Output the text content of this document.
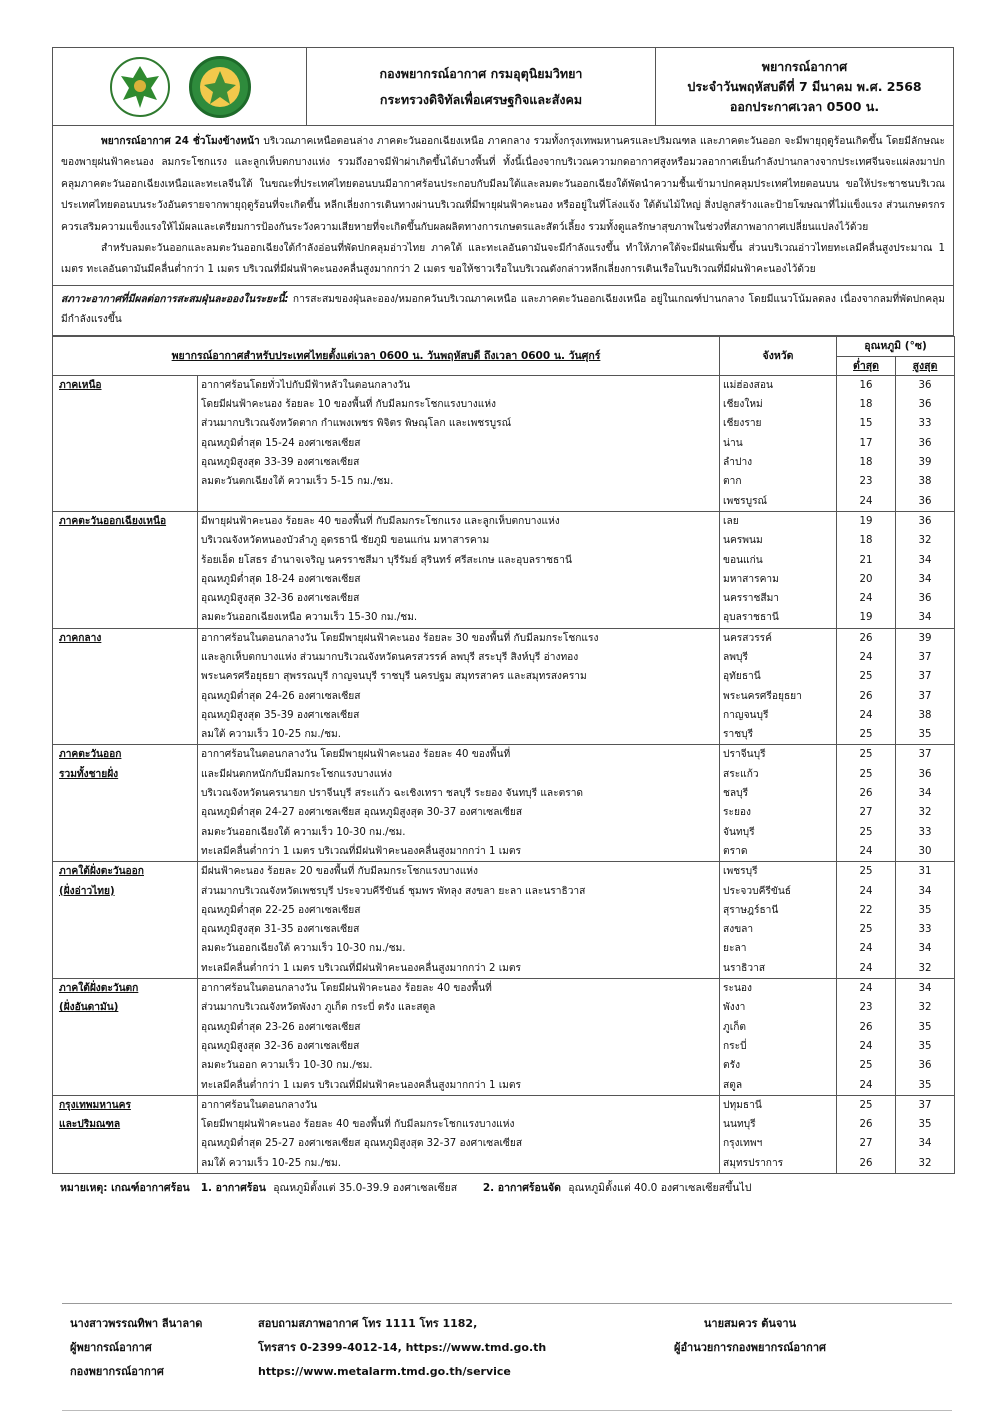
กองพยากรณ์อากาศ กรมอุตุนิยมวิทยา
กระทรวงดิจิทัลเพื่อเศรษฐกิจและสังคม
พยากรณ์อากาศ
ประจำวันพฤหัสบดีที่ 7 มีนาคม พ.ศ. 2568
ออกประกาศเวลา 0500 น.

พยากรณ์อากาศ 24 ชั่วโมงข้างหน้า บริเวณภาคเหนือตอนล่าง ภาคตะวันออกเฉียงเหนือ ภาคกลาง รวมทั้งกรุงเทพมหานครและปริมณฑล และภาคตะวันออก จะมีพายุฤดูร้อนเกิดขึ้น โดยมีลักษณะของพายุฝนฟ้าคะนอง ลมกระโชกแรง และลูกเห็บตกบางแห่ง รวมถึงอาจมีฟ้าผ่าเกิดขึ้นได้บางพื้นที่ ทั้งนี้เนื่องจากบริเวณความกดอากาศสูงหรือมวลอากาศเย็นกำลังปานกลางจากประเทศจีนจะแผ่ลงมาปกคลุมภาคตะวันออกเฉียงเหนือและทะเลจีนใต้ ในขณะที่ประเทศไทยตอนบนมีอากาศร้อนประกอบกับมีลมใต้และลมตะวันออกเฉียงใต้พัดนำความชื้นเข้ามาปกคลุมประเทศไทยตอนบน ขอให้ประชาชนบริเวณประเทศไทยตอนบนระวังอันตรายจากพายุฤดูร้อนที่จะเกิดขึ้น หลีกเลี่ยงการเดินทางผ่านบริเวณที่มีพายุฝนฟ้าคะนอง หรืออยู่ในที่โล่งแจ้ง ใต้ต้นไม้ใหญ่ สิ่งปลูกสร้างและป้ายโฆษณาที่ไม่แข็งแรง ส่วนเกษตรกรควรเสริมความแข็งแรงให้ไม้ผลและเตรียมการป้องกันระวังความเสียหายที่จะเกิดขึ้นกับผลผลิตทางการเกษตรและสัตว์เลี้ยง รวมทั้งดูแลรักษาสุขภาพในช่วงที่สภาพอากาศเปลี่ยนแปลงไว้ด้วย

สำหรับลมตะวันออกและลมตะวันออกเฉียงใต้กำลังอ่อนที่พัดปกคลุมอ่าวไทย ภาคใต้ และทะเลอันดามันจะมีกำลังแรงขึ้น ทำให้ภาคใต้จะมีฝนเพิ่มขึ้น ส่วนบริเวณอ่าวไทยทะเลมีคลื่นสูงประมาณ 1 เมตร ทะเลอันดามันมีคลื่นต่ำกว่า 1 เมตร บริเวณที่มีฝนฟ้าคะนองคลื่นสูงมากกว่า 2 เมตร ขอให้ชาวเรือในบริเวณดังกล่าวหลีกเลี่ยงการเดินเรือในบริเวณที่มีฝนฟ้าคะนองไว้ด้วย

สภาวะอากาศที่มีผลต่อการสะสมฝุ่นละอองในระยะนี้: การสะสมของฝุ่นละออง/หมอกควันบริเวณภาคเหนือ และภาคตะวันออกเฉียงเหนือ อยู่ในเกณฑ์ปานกลาง โดยมีแนวโน้มลดลง เนื่องจากลมที่พัดปกคลุมมีกำลังแรงขึ้น
พยากรณ์อากาศสำหรับประเทศไทยตั้งแต่เวลา 0600 น. วันพฤหัสบดี ถึงเวลา 0600 น. วันศุกร์		จังหวัด	อุณหภูมิ (°ซ)	
			ต่ำสุด	สูงสุด

ภาคเหนือ	อากาศร้อนโดยทั่วไปกับมีฟ้าหลัวในตอนกลางวัน	แม่ฮ่องสอน	16	36
	โดยมีฝนฟ้าคะนอง ร้อยละ 10 ของพื้นที่ กับมีลมกระโชกแรงบางแห่ง	เชียงใหม่	18	36
	ส่วนมากบริเวณจังหวัดตาก กำแพงเพชร พิจิตร พิษณุโลก และเพชรบูรณ์	เชียงราย	15	33
	อุณหภูมิต่ำสุด 15-24 องศาเซลเซียส	น่าน	17	36
	อุณหภูมิสูงสุด 33-39 องศาเซลเซียส	ลำปาง	18	39
	ลมตะวันตกเฉียงใต้ ความเร็ว 5-15 กม./ชม.	ตาก	23	38
		เพชรบูรณ์	24	36

ภาคตะวันออกเฉียงเหนือ	มีพายุฝนฟ้าคะนอง ร้อยละ 40 ของพื้นที่ กับมีลมกระโชกแรง และลูกเห็บตกบางแห่ง	เลย	19	36
	บริเวณจังหวัดหนองบัวลำภู อุดรธานี ชัยภูมิ ขอนแก่น มหาสารคาม	นครพนม	18	32
	ร้อยเอ็ด ยโสธร อำนาจเจริญ นครราชสีมา บุรีรัมย์ สุรินทร์ ศรีสะเกษ และอุบลราชธานี	ขอนแก่น	21	34
	อุณหภูมิต่ำสุด 18-24 องศาเซลเซียส	มหาสารคาม	20	34
	อุณหภูมิสูงสุด 32-36 องศาเซลเซียส	นครราชสีมา	24	36
	ลมตะวันออกเฉียงเหนือ ความเร็ว 15-30 กม./ชม.	อุบลราชธานี	19	34

ภาคกลาง	อากาศร้อนในตอนกลางวัน โดยมีพายุฝนฟ้าคะนอง ร้อยละ 30 ของพื้นที่ กับมีลมกระโชกแรง	นครสวรรค์	26	39
	และลูกเห็บตกบางแห่ง ส่วนมากบริเวณจังหวัดนครสวรรค์ ลพบุรี สระบุรี สิงห์บุรี อ่างทอง	ลพบุรี	24	37
	พระนครศรีอยุธยา สุพรรณบุรี กาญจนบุรี ราชบุรี นครปฐม สมุทรสาคร และสมุทรสงคราม	อุทัยธานี	25	37
	อุณหภูมิต่ำสุด 24-26 องศาเซลเซียส	พระนครศรีอยุธยา	26	37
	อุณหภูมิสูงสุด 35-39 องศาเซลเซียส	กาญจนบุรี	24	38
	ลมใต้ ความเร็ว 10-25 กม./ชม.	ราชบุรี	25	35

ภาคตะวันออก
รวมทั้งชายฝั่ง	อากาศร้อนในตอนกลางวัน โดยมีพายุฝนฟ้าคะนอง ร้อยละ 40 ของพื้นที่	ปราจีนบุรี	25	37
	และมีฝนตกหนักกับมีลมกระโชกแรงบางแห่ง	สระแก้ว	25	36
	บริเวณจังหวัดนครนายก ปราจีนบุรี สระแก้ว ฉะเชิงเทรา ชลบุรี ระยอง จันทบุรี และตราด	ชลบุรี	26	34
	อุณหภูมิต่ำสุด 24-27 องศาเซลเซียส อุณหภูมิสูงสุด 30-37 องศาเซลเซียส	ระยอง	27	32
	ลมตะวันออกเฉียงใต้ ความเร็ว 10-30 กม./ชม.	จันทบุรี	25	33
	ทะเลมีคลื่นต่ำกว่า 1 เมตร บริเวณที่มีฝนฟ้าคะนองคลื่นสูงมากกว่า 1 เมตร	ตราด	24	30

ภาคใต้ฝั่งตะวันออก
(ฝั่งอ่าวไทย)	มีฝนฟ้าคะนอง ร้อยละ 20 ของพื้นที่ กับมีลมกระโชกแรงบางแห่ง	เพชรบุรี	25	31
	ส่วนมากบริเวณจังหวัดเพชรบุรี ประจวบคีรีขันธ์ ชุมพร พัทลุง สงขลา ยะลา และนราธิวาส	ประจวบคีรีขันธ์	24	34
	อุณหภูมิต่ำสุด 22-25 องศาเซลเซียส	สุราษฎร์ธานี	22	35
	อุณหภูมิสูงสุด 31-35 องศาเซลเซียส	สงขลา	25	33
	ลมตะวันออกเฉียงใต้ ความเร็ว 10-30 กม./ชม.	ยะลา	24	34
	ทะเลมีคลื่นต่ำกว่า 1 เมตร บริเวณที่มีฝนฟ้าคะนองคลื่นสูงมากกว่า 2 เมตร	นราธิวาส	24	32

ภาคใต้ฝั่งตะวันตก
(ฝั่งอันดามัน)	อากาศร้อนในตอนกลางวัน โดยมีฝนฟ้าคะนอง ร้อยละ 40 ของพื้นที่	ระนอง	24	34
	ส่วนมากบริเวณจังหวัดพังงา ภูเก็ต กระบี่ ตรัง และสตูล	พังงา	23	32
	อุณหภูมิต่ำสุด 23-26 องศาเซลเซียส	ภูเก็ต	26	35
	อุณหภูมิสูงสุด 32-36 องศาเซลเซียส	กระบี่	24	35
	ลมตะวันออก ความเร็ว 10-30 กม./ชม.	ตรัง	25	36
	ทะเลมีคลื่นต่ำกว่า 1 เมตร บริเวณที่มีฝนฟ้าคะนองคลื่นสูงมากกว่า 1 เมตร	สตูล	24	35

กรุงเทพมหานคร
และปริมณฑล	อากาศร้อนในตอนกลางวัน	ปทุมธานี	25	37
	โดยมีพายุฝนฟ้าคะนอง ร้อยละ 40 ของพื้นที่ กับมีลมกระโชกแรงบางแห่ง	นนทบุรี	26	35
	อุณหภูมิต่ำสุด 25-27 องศาเซลเซียส อุณหภูมิสูงสุด 32-37 องศาเซลเซียส	กรุงเทพฯ	27	34
	ลมใต้ ความเร็ว 10-25 กม./ชม.	สมุทรปราการ	26	32
หมายเหตุ: เกณฑ์อากาศร้อน 1. อากาศร้อน อุณหภูมิตั้งแต่ 35.0-39.9 องศาเซลเซียส 2. อากาศร้อนจัด อุณหภูมิตั้งแต่ 40.0 องศาเซลเซียสขึ้นไป
นางสาวพรรณทิพา ลีนาลาด
ผู้พยากรณ์อากาศ
กองพยากรณ์อากาศ
สอบถามสภาพอากาศ โทร 1111 โทร 1182,
โทรสาร 0-2399-4012-14, https://www.tmd.go.th
https://www.metalarm.tmd.go.th/service
นายสมควร ต้นจาน
ผู้อำนวยการกองพยากรณ์อากาศ
